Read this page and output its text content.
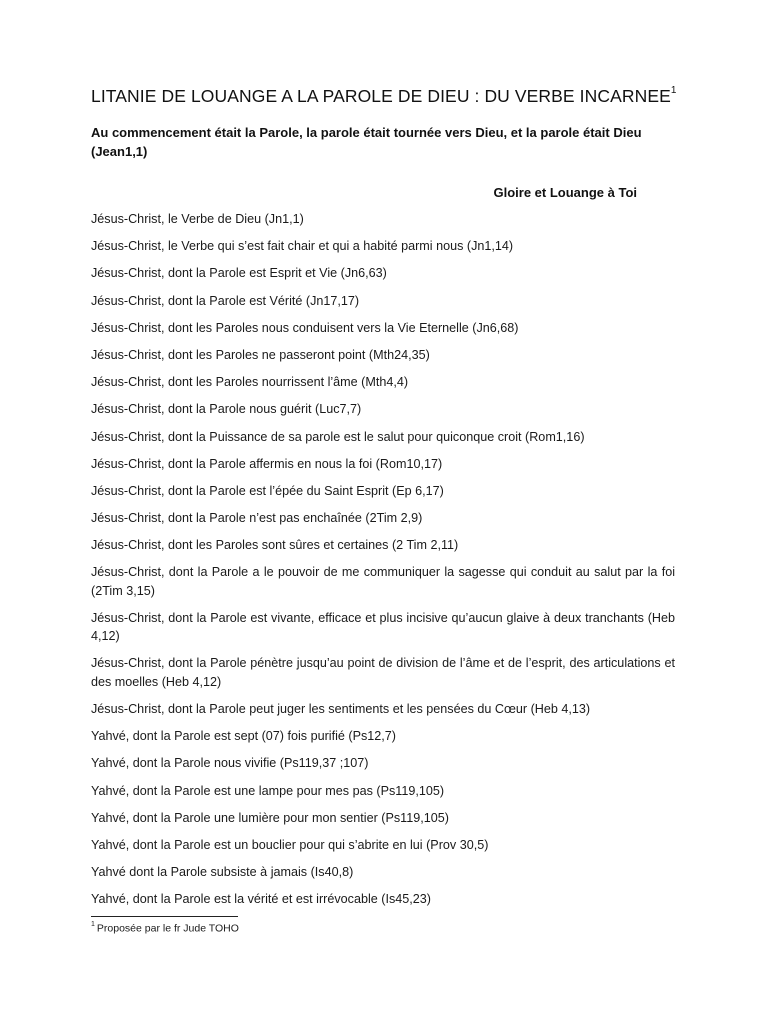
LITANIE DE LOUANGE A LA PAROLE DE DIEU : DU VERBE INCARNEE$^1$
Au commencement était la Parole, la parole était tournée vers Dieu, et la parole était Dieu (Jean1,1)
Gloire et Louange à Toi
Jésus-Christ, le Verbe de Dieu (Jn1,1)
Jésus-Christ, le Verbe qui s’est fait chair et qui a habité parmi nous (Jn1,14)
Jésus-Christ, dont la Parole est Esprit et Vie (Jn6,63)
Jésus-Christ, dont la Parole est Vérité (Jn17,17)
Jésus-Christ, dont les Paroles nous conduisent vers la Vie Eternelle (Jn6,68)
Jésus-Christ, dont les Paroles ne passeront point (Mth24,35)
Jésus-Christ, dont les Paroles nourrissent l’âme (Mth4,4)
Jésus-Christ, dont la Parole nous guérit (Luc7,7)
Jésus-Christ, dont la Puissance de sa parole est le salut pour quiconque croit (Rom1,16)
Jésus-Christ, dont la Parole affermis en nous la foi (Rom10,17)
Jésus-Christ, dont la Parole est l’épée du Saint Esprit (Ep 6,17)
Jésus-Christ, dont la Parole n’est pas enchaînée (2Tim 2,9)
Jésus-Christ, dont les Paroles sont sûres et certaines (2 Tim 2,11)
Jésus-Christ, dont la Parole a le pouvoir de me communiquer la sagesse qui conduit au salut par la foi (2Tim 3,15)
Jésus-Christ, dont la Parole est vivante, efficace et plus incisive qu’aucun glaive à deux tranchants (Heb 4,12)
Jésus-Christ, dont la Parole pénètre jusqu’au point de division de l’âme et de l’esprit, des articulations et des moelles (Heb 4,12)
Jésus-Christ, dont la Parole peut juger les sentiments et les pensées du Cœur (Heb 4,13)
Yahvé, dont la Parole est sept (07) fois purifié (Ps12,7)
Yahvé, dont la Parole nous vivifie (Ps119,37 ;107)
Yahvé, dont la Parole est une lampe pour mes pas (Ps119,105)
Yahvé, dont la Parole une lumière pour mon sentier (Ps119,105)
Yahvé, dont la Parole est un bouclier pour qui s’abrite en lui (Prov 30,5)
Yahvé dont la Parole subsiste à jamais (Is40,8)
Yahvé, dont la Parole est la vérité et est irrévocable (Is45,23)
$^1$ Proposée par le fr Jude TOHO
